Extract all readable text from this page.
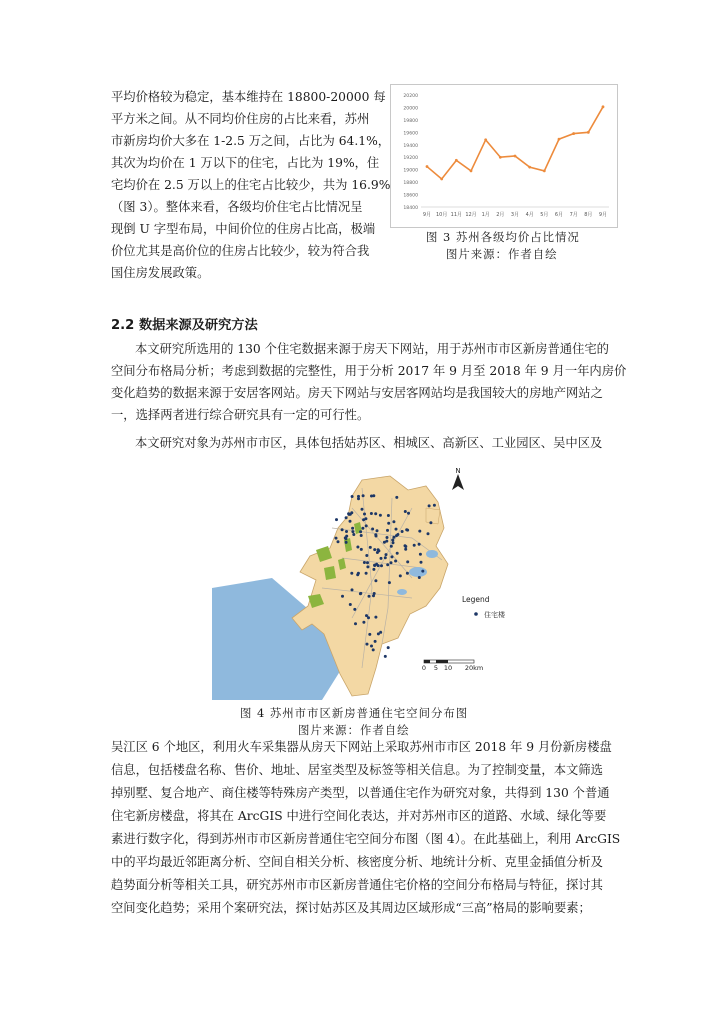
平均价格较为稳定，基本维持在 18800-20000 每

平方米之间。从不同均价住房的占比来看，苏州

市新房均价大多在 1-2.5 万之间，占比为 64.1%，

其次为均价在 1 万以下的住宅，占比为 19%，住

宅均价在 2.5 万以上的住宅占比较少，共为 16.9%

（图 3）。整体来看，各级均价住宅占比情况呈

现倒 U 字型布局，中间价位的住房占比高，极端

价位尤其是高价位的住房占比较少，较为符合我

国住房发展政策。

20200
20000
19800
19600
19400
19200
19000
18800
18600
18400
9月 10月 11月 12月 1月 2月 3月 4月 5月 6月 7月 8月 9月

图 3 苏州各级均价占比情况

图片来源：作者自绘

2.2 数据来源及研究方法

本文研究所选用的 130 个住宅数据来源于房天下网站，用于苏州市市区新房普通住宅的

空间分布格局分析；考虑到数据的完整性，用于分析 2017 年 9 月至 2018 年 9 月一年内房价

变化趋势的数据来源于安居客网站。房天下网站与安居客网站均是我国较大的房地产网站之

一，选择两者进行综合研究具有一定的可行性。

本文研究对象为苏州市市区，具体包括姑苏区、相城区、高新区、工业园区、吴中区及

N
Legend
住宅楼
0 5 10 20km

图 4 苏州市市区新房普通住宅空间分布图

图片来源：作者自绘

吴江区 6 个地区，利用火车采集器从房天下网站上采取苏州市市区 2018 年 9 月份新房楼盘

信息，包括楼盘名称、售价、地址、居室类型及标签等相关信息。为了控制变量，本文筛选

掉别墅、复合地产、商住楼等特殊房产类型，以普通住宅作为研究对象，共得到 130 个普通

住宅新房楼盘，将其在 ArcGIS 中进行空间化表达，并对苏州市区的道路、水域、绿化等要

素进行数字化，得到苏州市市区新房普通住宅空间分布图（图 4）。在此基础上，利用 ArcGIS

中的平均最近邻距离分析、空间自相关分析、核密度分析、地统计分析、克里金插值分析及

趋势面分析等相关工具，研究苏州市市区新房普通住宅价格的空间分布格局与特征，探讨其

空间变化趋势；采用个案研究法，探讨姑苏区及其周边区域形成“三高”格局的影响要素；
